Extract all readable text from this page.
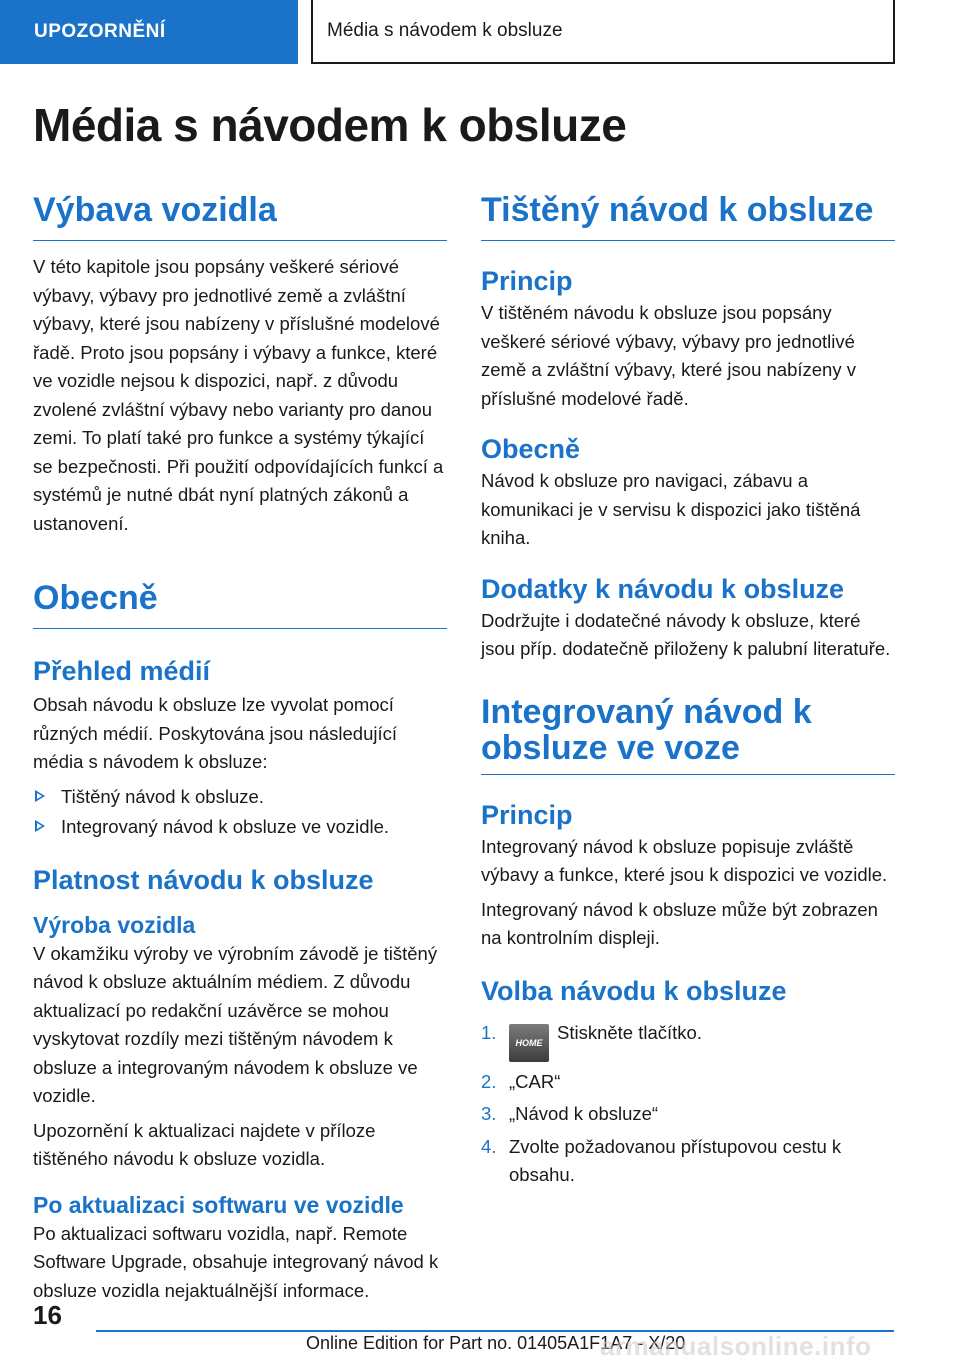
UPOZORNĚNÍ	Média s návodem k obsluze
Média s návodem k obsluze
Výbava vozidla

V této kapitole jsou popsány veškeré sériové výbavy, výbavy pro jednotlivé země a zvláštní výbavy, které jsou nabízeny v příslušné modelové řadě. Proto jsou popsány i výbavy a funkce, které ve vozidle nejsou k dispozici, např. z důvodu zvolené zvláštní výbavy nebo varianty pro danou zemi. To platí také pro funkce a systémy týkající se bezpečnosti. Při použití odpovídajících funkcí a systémů je nutné dbát nyní platných zákonů a ustanovení.

Obecně
Přehled médií

Obsah návodu k obsluze lze vyvolat pomocí různých médií. Poskytována jsou následující média s návodem k obsluze:

Tištěný návod k obsluze.
Integrovaný návod k obsluze ve vozidle.
Platnost návodu k obsluze
Výroba vozidla

V okamžiku výroby ve výrobním závodě je tištěný návod k obsluze aktuálním médiem. Z důvodu aktualizací po redakční uzávěrce se mohou vyskytovat rozdíly mezi tištěným návodem k obsluze a integrovaným návodem k obsluze ve vozidle.

Upozornění k aktualizaci najdete v příloze tištěného návodu k obsluze vozidla.

Po aktualizaci softwaru ve vozidle

Po aktualizaci softwaru vozidla, např. Remote Software Upgrade, obsahuje integrovaný návod k obsluze vozidla nejaktuálnější informace.

Tištěný návod k obsluze
Princip

V tištěném návodu k obsluze jsou popsány veškeré sériové výbavy, výbavy pro jednotlivé země a zvláštní výbavy, které jsou nabízeny v příslušné modelové řadě.

Obecně

Návod k obsluze pro navigaci, zábavu a komunikaci je v servisu k dispozici jako tištěná kniha.

Dodatky k návodu k obsluze

Dodržujte i dodatečné návody k obsluze, které jsou příp. dodatečně přiloženy k palubní literatuře.

Integrovaný návod k obsluze ve voze
Princip

Integrovaný návod k obsluze popisuje zvláště výbavy a funkce, které jsou k dispozici ve vozidle.

Integrovaný návod k obsluze může být zobrazen na kontrolním displeji.

Volba návodu k obsluze
1. HOME Stiskněte tlačítko.
2. „CAR“
3. „Návod k obsluze“
4. Zvolte požadovanou přístupovou cestu k obsahu.
16
Online Edition for Part no. 01405A1F1A7 - X/20
armanualsonline.info
